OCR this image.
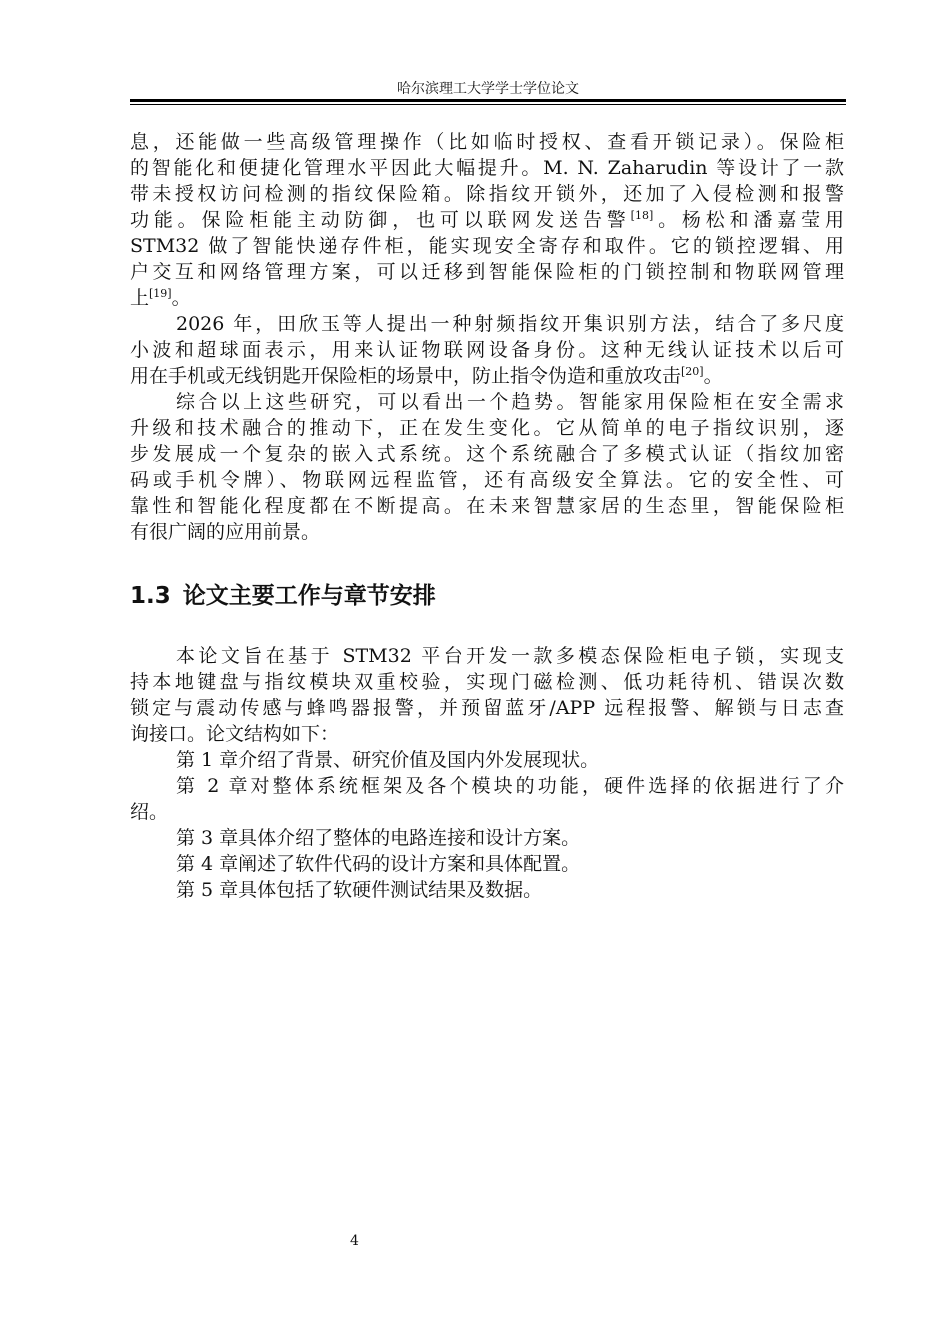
哈尔滨理工大学学士学位论文
息，还能做一些高级管理操作（比如临时授权、查看开锁记录）。保险柜
的智能化和便捷化管理水平因此大幅提升。M. N. Zaharudin 等设计了一款
带未授权访问检测的指纹保险箱。除指纹开锁外，还加了入侵检测和报警
功能。保险柜能主动防御，也可以联网发送告警[18]。杨松和潘嘉莹用
STM32 做了智能快递存件柜，能实现安全寄存和取件。它的锁控逻辑、用
户交互和网络管理方案，可以迁移到智能保险柜的门锁控制和物联网管理
上[19]。
2026 年，田欣玉等人提出一种射频指纹开集识别方法，结合了多尺度
小波和超球面表示，用来认证物联网设备身份。这种无线认证技术以后可
用在手机或无线钥匙开保险柜的场景中，防止指令伪造和重放攻击[20]。
综合以上这些研究，可以看出一个趋势。智能家用保险柜在安全需求
升级和技术融合的推动下，正在发生变化。它从简单的电子指纹识别，逐
步发展成一个复杂的嵌入式系统。这个系统融合了多模式认证（指纹加密
码或手机令牌）、物联网远程监管，还有高级安全算法。它的安全性、可
靠性和智能化程度都在不断提高。在未来智慧家居的生态里，智能保险柜
有很广阔的应用前景。
1.3 论文主要工作与章节安排
本论文旨在基于 STM32 平台开发一款多模态保险柜电子锁，实现支
持本地键盘与指纹模块双重校验，实现门磁检测、低功耗待机、错误次数
锁定与震动传感与蜂鸣器报警，并预留蓝牙/APP 远程报警、解锁与日志查
询接口。论文结构如下：
第 1 章介绍了背景、研究价值及国内外发展现状。
第 2 章对整体系统框架及各个模块的功能，硬件选择的依据进行了介
绍。
第 3 章具体介绍了整体的电路连接和设计方案。
第 4 章阐述了软件代码的设计方案和具体配置。
第 5 章具体包括了软硬件测试结果及数据。
4
